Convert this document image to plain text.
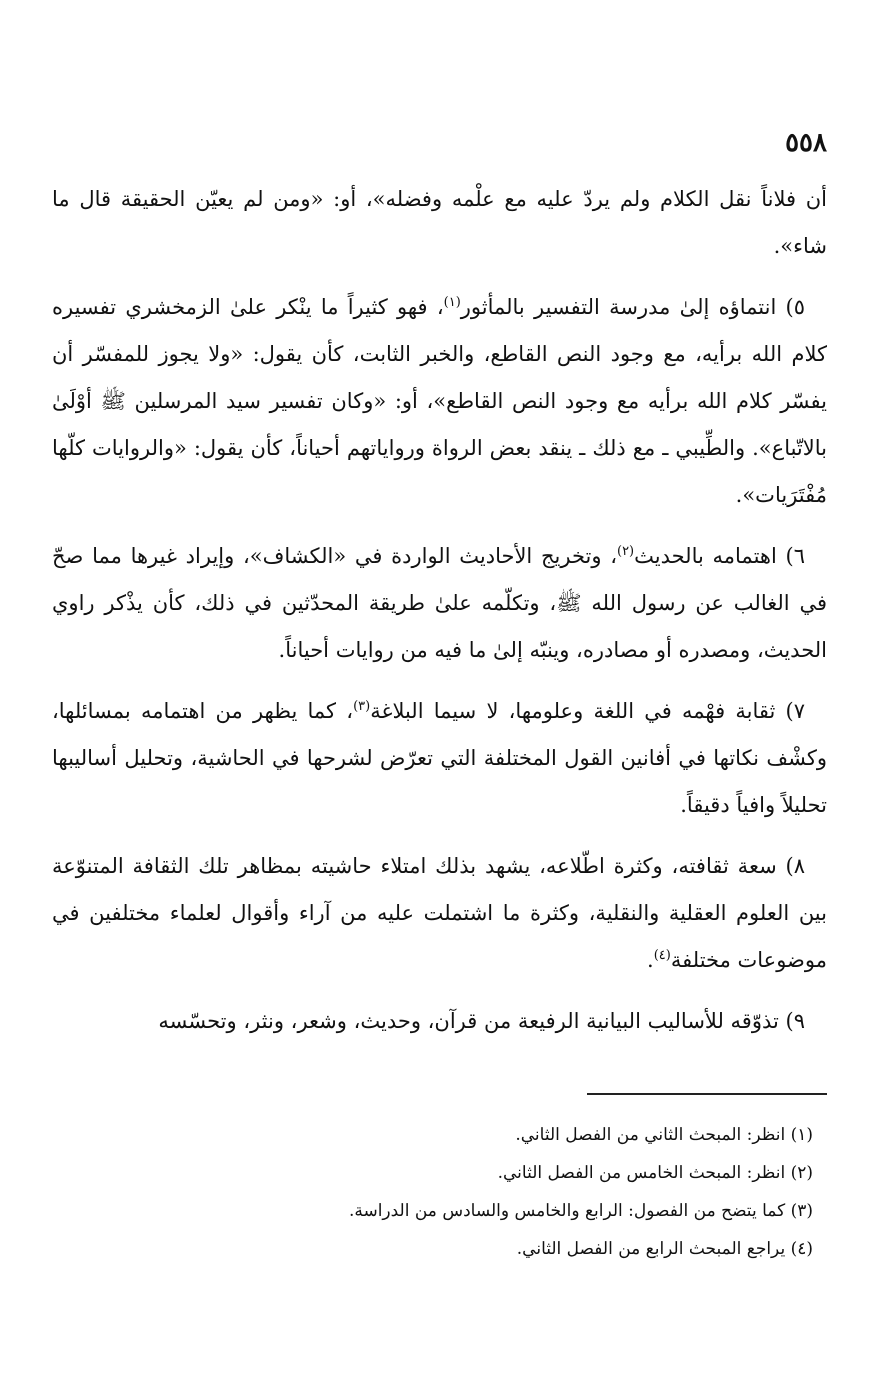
٥٥٨

أن فلاناً نقل الكلام ولم يردّ عليه مع علْمه وفضله»، أو: «ومن لم يعيّن الحقيقة قال ما شاء».

٥) انتماؤه إلىٰ مدرسة التفسير بالمأثور$^{(١)}$، فهو كثيراً ما ينْكر علىٰ الزمخشري تفسيره كلام الله برأيه، مع وجود النص القاطع، والخبر الثابت، كأن يقول: «ولا يجوز للمفسّر أن يفسّر كلام الله برأيه مع وجود النص القاطع»، أو: «وكان تفسير سيد المرسلين ﷺ أوْلَىٰ بالاتّباع». والطِّيبي ـ مع ذلك ـ ينقد بعض الرواة ورواياتهم أحياناً، كأن يقول: «والروايات كلّها مُفْتَرَيات».

٦) اهتمامه بالحديث$^{(٢)}$، وتخريج الأحاديث الواردة في «الكشاف»، وإيراد غيرها مما صحّ في الغالب عن رسول الله ﷺ، وتكلّمه علىٰ طريقة المحدّثين في ذلك، كأن يذْكر راوي الحديث، ومصدره أو مصادره، وينبّه إلىٰ ما فيه من روايات أحياناً.

٧) ثقابة فهْمه في اللغة وعلومها، لا سيما البلاغة$^{(٣)}$، كما يظهر من اهتمامه بمسائلها، وكشْف نكاتها في أفانين القول المختلفة التي تعرّض لشرحها في الحاشية، وتحليل أساليبها تحليلاً وافياً دقيقاً.

٨) سعة ثقافته، وكثرة اطّلاعه، يشهد بذلك امتلاء حاشيته بمظاهر تلك الثقافة المتنوّعة بين العلوم العقلية والنقلية، وكثرة ما اشتملت عليه من آراء وأقوال لعلماء مختلفين في موضوعات مختلفة$^{(٤)}$.

٩) تذوّقه للأساليب البيانية الرفيعة من قرآن، وحديث، وشعر، ونثر، وتحسّسه

(١) انظر: المبحث الثاني من الفصل الثاني.

(٢) انظر: المبحث الخامس من الفصل الثاني.

(٣) كما يتضح من الفصول: الرابع والخامس والسادس من الدراسة.

(٤) يراجع المبحث الرابع من الفصل الثاني.
